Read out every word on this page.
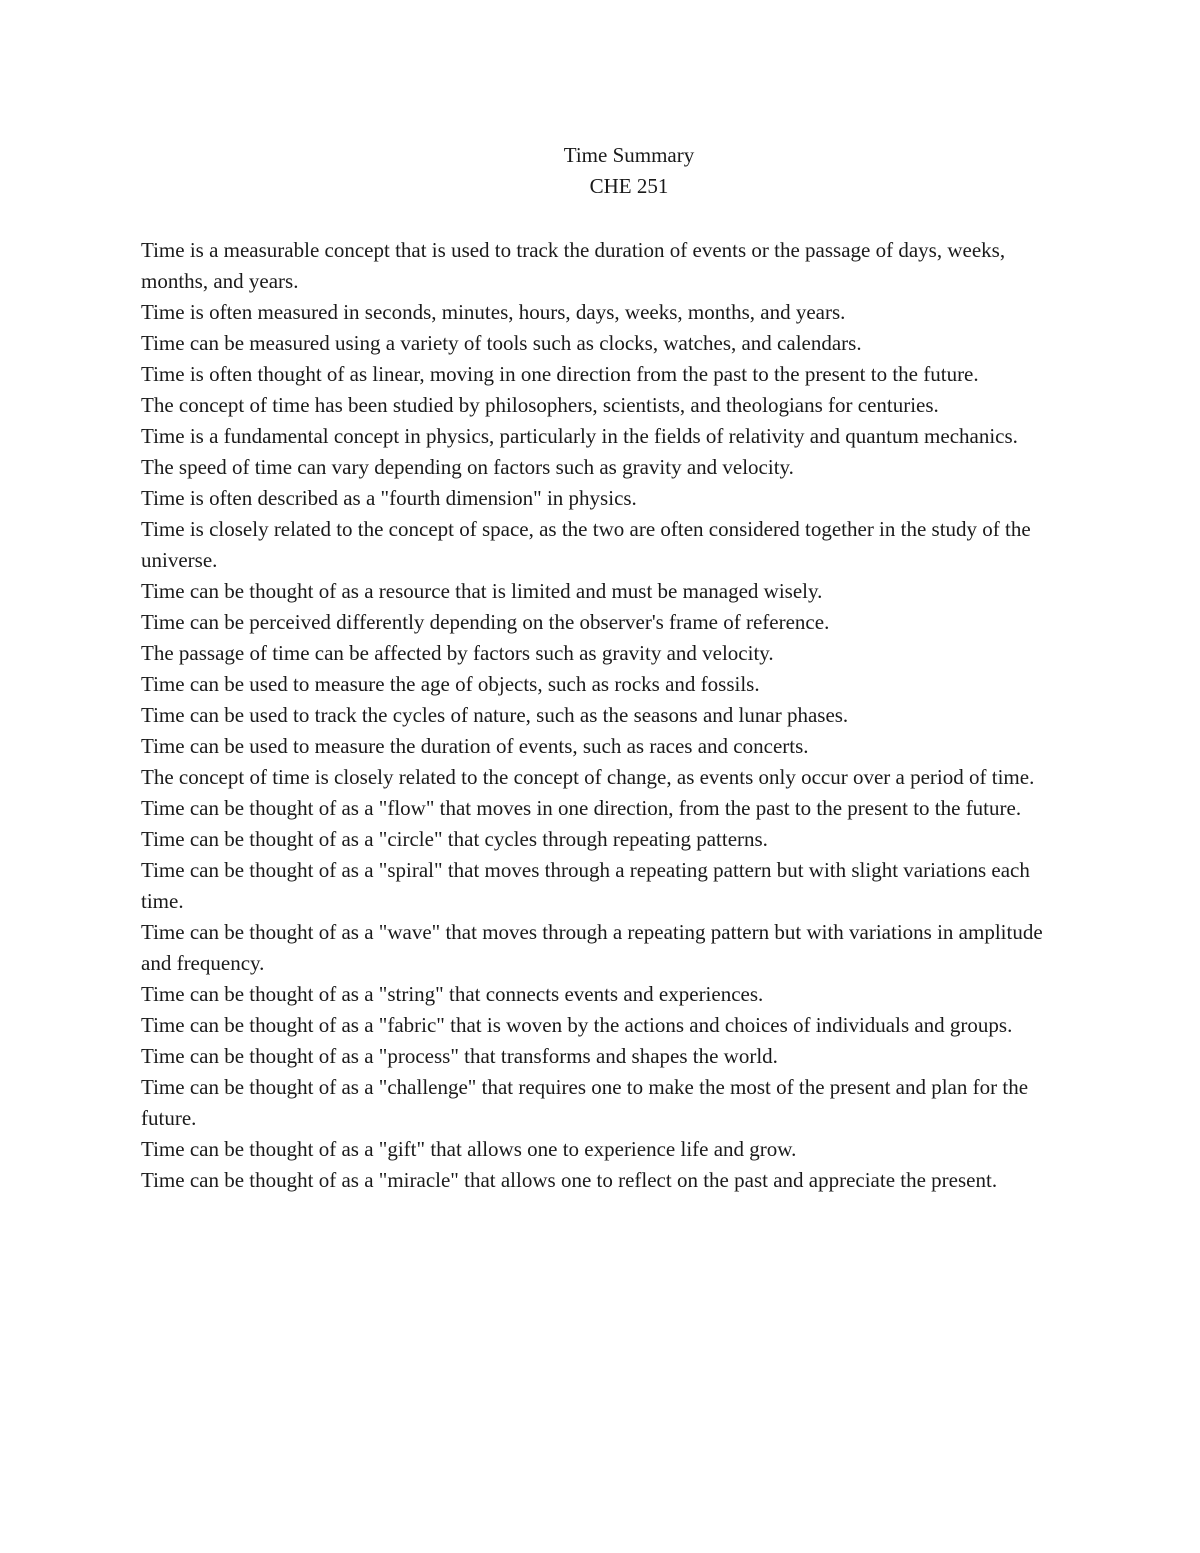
Time Summary
CHE 251

Time is a measurable concept that is used to track the duration of events or the passage of days, weeks, months, and years.

Time is often measured in seconds, minutes, hours, days, weeks, months, and years.

Time can be measured using a variety of tools such as clocks, watches, and calendars.

Time is often thought of as linear, moving in one direction from the past to the present to the future.

The concept of time has been studied by philosophers, scientists, and theologians for centuries.

Time is a fundamental concept in physics, particularly in the fields of relativity and quantum mechanics.

The speed of time can vary depending on factors such as gravity and velocity.

Time is often described as a "fourth dimension" in physics.

Time is closely related to the concept of space, as the two are often considered together in the study of the universe.

Time can be thought of as a resource that is limited and must be managed wisely.

Time can be perceived differently depending on the observer's frame of reference.

The passage of time can be affected by factors such as gravity and velocity.

Time can be used to measure the age of objects, such as rocks and fossils.

Time can be used to track the cycles of nature, such as the seasons and lunar phases.

Time can be used to measure the duration of events, such as races and concerts.

The concept of time is closely related to the concept of change, as events only occur over a period of time.

Time can be thought of as a "flow" that moves in one direction, from the past to the present to the future.

Time can be thought of as a "circle" that cycles through repeating patterns.

Time can be thought of as a "spiral" that moves through a repeating pattern but with slight variations each time.

Time can be thought of as a "wave" that moves through a repeating pattern but with variations in amplitude and frequency.

Time can be thought of as a "string" that connects events and experiences.

Time can be thought of as a "fabric" that is woven by the actions and choices of individuals and groups.

Time can be thought of as a "process" that transforms and shapes the world.

Time can be thought of as a "challenge" that requires one to make the most of the present and plan for the future.

Time can be thought of as a "gift" that allows one to experience life and grow.

Time can be thought of as a "miracle" that allows one to reflect on the past and appreciate the present.
